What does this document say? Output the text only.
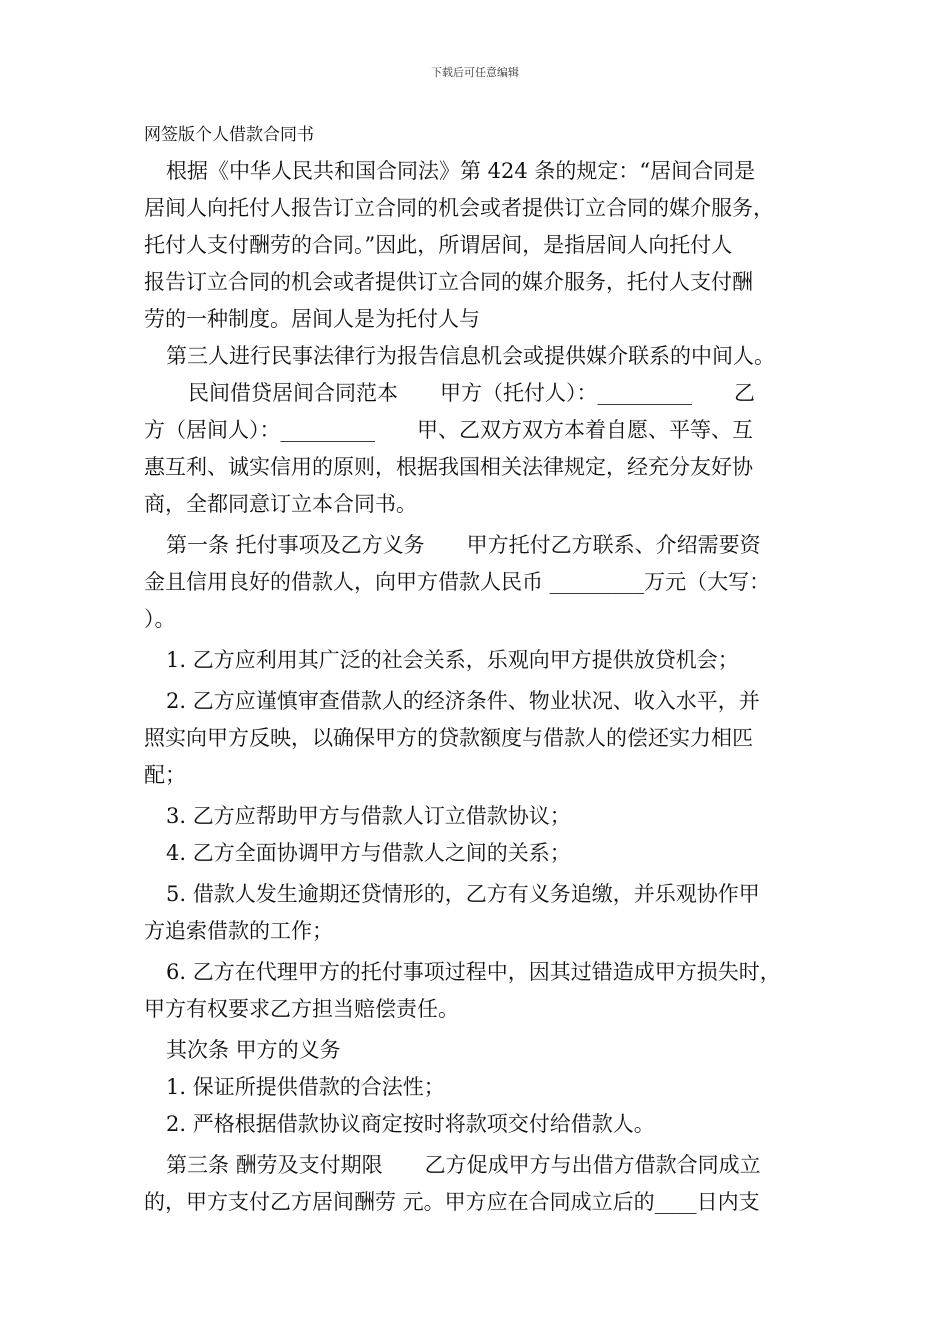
下载后可任意编辑
网签版个人借款合同书
根据《中华人民共和国合同法》第 424 条的规定：“居间合同是
居间人向托付人报告订立合同的机会或者提供订立合同的媒介服务，
托付人支付酬劳的合同。”因此，所谓居间，是指居间人向托付人
报告订立合同的机会或者提供订立合同的媒介服务，托付人支付酬
劳的一种制度。居间人是为托付人与
第三人进行民事法律行为报告信息机会或提供媒介联系的中间人。
民间借贷居间合同范本　　甲方（托付人）：_________　　乙
方（居间人）：_________　　甲、乙双方双方本着自愿、平等、互
惠互利、诚实信用的原则，根据我国相关法律规定，经充分友好协
商，全都同意订立本合同书。
第一条 托付事项及乙方义务　　甲方托付乙方联系、介绍需要资
金且信用良好的借款人，向甲方借款人民币 _________万元（大写：
）。
1. 乙方应利用其广泛的社会关系，乐观向甲方提供放贷机会；
2. 乙方应谨慎审查借款人的经济条件、物业状况、收入水平，并
照实向甲方反映，以确保甲方的贷款额度与借款人的偿还实力相匹
配；
3. 乙方应帮助甲方与借款人订立借款协议；
4. 乙方全面协调甲方与借款人之间的关系；
5. 借款人发生逾期还贷情形的，乙方有义务追缴，并乐观协作甲
方追索借款的工作；
6. 乙方在代理甲方的托付事项过程中，因其过错造成甲方损失时，
甲方有权要求乙方担当赔偿责任。
其次条 甲方的义务
1. 保证所提供借款的合法性；
2. 严格根据借款协议商定按时将款项交付给借款人。
第三条 酬劳及支付期限　　乙方促成甲方与出借方借款合同成立
的，甲方支付乙方居间酬劳 元。甲方应在合同成立后的____日内支
